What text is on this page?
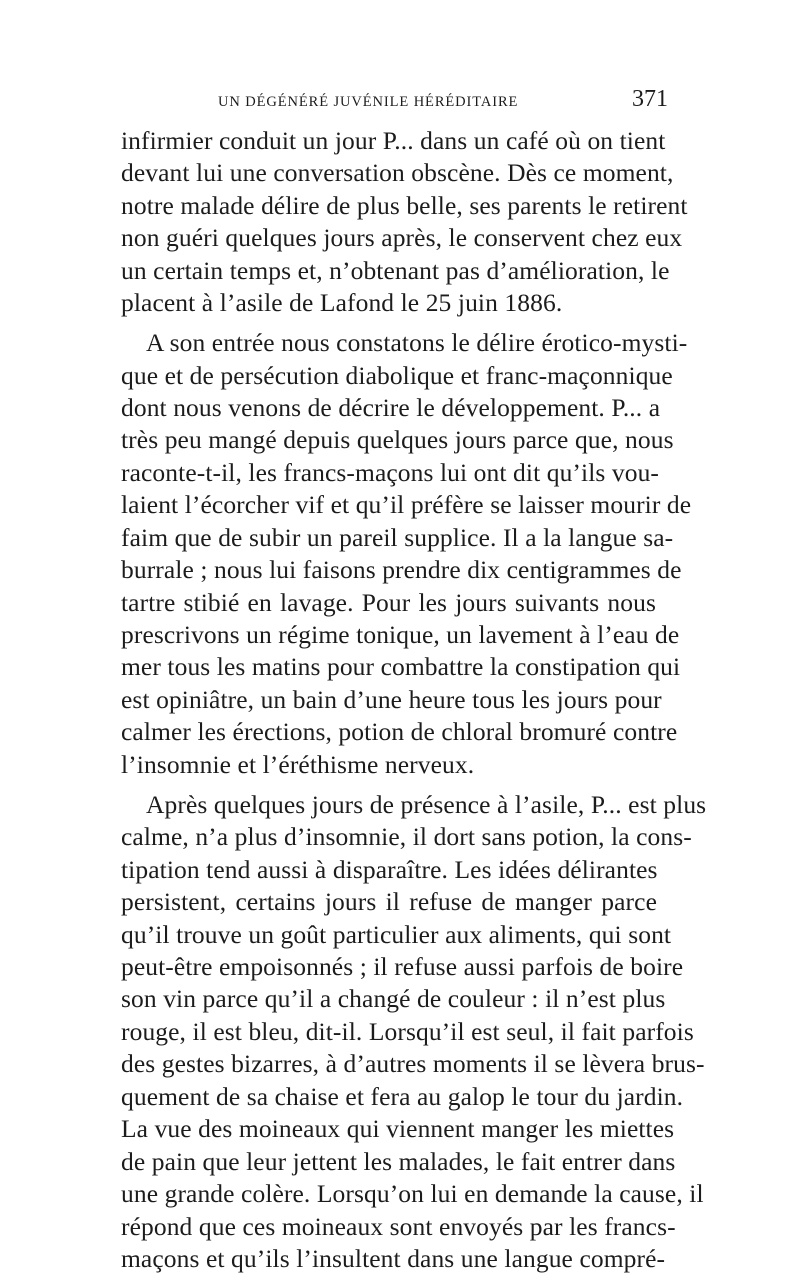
UN DÉGÉNÉRÉ JUVÉNILE HÉRÉDITAIRE	371
infirmier conduit un jour P... dans un café où on tient
devant lui une conversation obscène. Dès ce moment,
notre malade délire de plus belle, ses parents le retirent
non guéri quelques jours après, le conservent chez eux
un certain temps et, n’obtenant pas d’amélioration, le
placent à l’asile de Lafond le 25 juin 1886.
A son entrée nous constatons le délire érotico-mysti-
que et de persécution diabolique et franc-maçonnique
dont nous venons de décrire le développement. P... a
très peu mangé depuis quelques jours parce que, nous
raconte-t-il, les francs-maçons lui ont dit qu’ils vou-
laient l’écorcher vif et qu’il préfère se laisser mourir de
faim que de subir un pareil supplice. Il a la langue sa-
burrale ; nous lui faisons prendre dix centigrammes de
tartre stibié en lavage. Pour les jours suivants nous
prescrivons un régime tonique, un lavement à l’eau de
mer tous les matins pour combattre la constipation qui
est opiniâtre, un bain d’une heure tous les jours pour
calmer les érections, potion de chloral bromuré contre
l’insomnie et l’éréthisme nerveux.
Après quelques jours de présence à l’asile, P... est plus
calme, n’a plus d’insomnie, il dort sans potion, la cons-
tipation tend aussi à disparaître. Les idées délirantes
persistent, certains jours il refuse de manger parce
qu’il trouve un goût particulier aux aliments, qui sont
peut-être empoisonnés ; il refuse aussi parfois de boire
son vin parce qu’il a changé de couleur : il n’est plus
rouge, il est bleu, dit-il. Lorsqu’il est seul, il fait parfois
des gestes bizarres, à d’autres moments il se lèvera brus-
quement de sa chaise et fera au galop le tour du jardin.
La vue des moineaux qui viennent manger les miettes
de pain que leur jettent les malades, le fait entrer dans
une grande colère. Lorsqu’on lui en demande la cause, il
répond que ces moineaux sont envoyés par les francs-
maçons et qu’ils l’insultent dans une langue compré-
